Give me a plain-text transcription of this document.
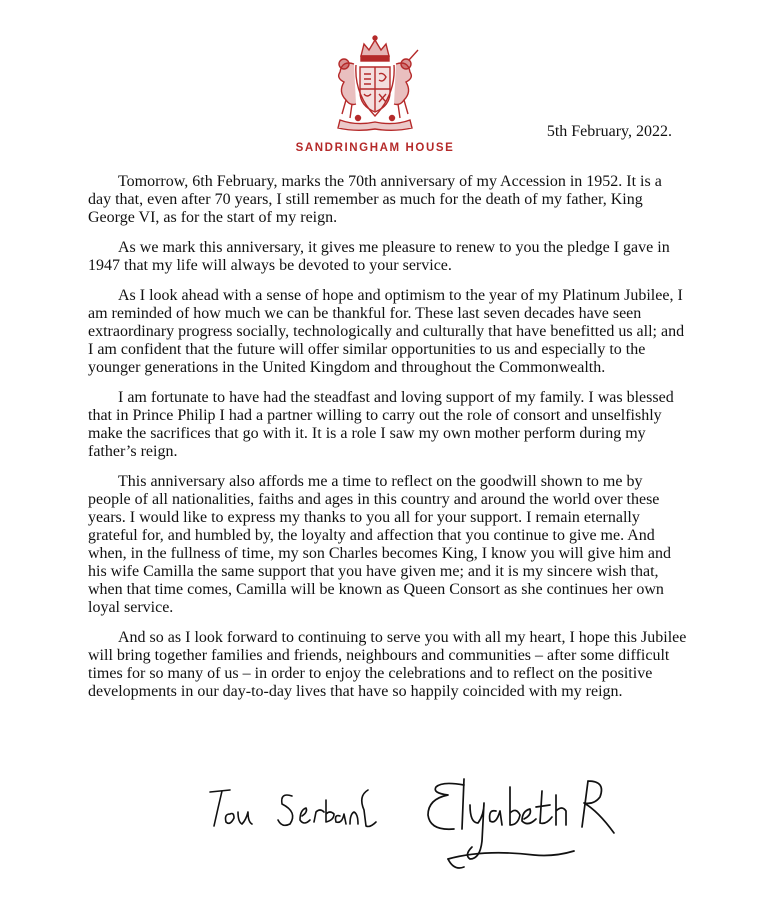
SANDRINGHAM HOUSE
5th February, 2022.

Tomorrow, 6th February, marks the 70th anniversary of my Accession in 1952. It is a day that, even after 70 years, I still remember as much for the death of my father, King George VI, as for the start of my reign.

As we mark this anniversary, it gives me pleasure to renew to you the pledge I gave in 1947 that my life will always be devoted to your service.

As I look ahead with a sense of hope and optimism to the year of my Platinum Jubilee, I am reminded of how much we can be thankful for. These last seven decades have seen extraordinary progress socially, technologically and culturally that have benefitted us all; and I am confident that the future will offer similar opportunities to us and especially to the younger generations in the United Kingdom and throughout the Commonwealth.

I am fortunate to have had the steadfast and loving support of my family. I was blessed that in Prince Philip I had a partner willing to carry out the role of consort and unselfishly make the sacrifices that go with it. It is a role I saw my own mother perform during my father’s reign.

This anniversary also affords me a time to reflect on the goodwill shown to me by people of all nationalities, faiths and ages in this country and around the world over these years. I would like to express my thanks to you all for your support. I remain eternally grateful for, and humbled by, the loyalty and affection that you continue to give me. And when, in the fullness of time, my son Charles becomes King, I know you will give him and his wife Camilla the same support that you have given me; and it is my sincere wish that, when that time comes, Camilla will be known as Queen Consort as she continues her own loyal service.

And so as I look forward to continuing to serve you with all my heart, I hope this Jubilee will bring together families and friends, neighbours and communities – after some difficult times for so many of us – in order to enjoy the celebrations and to reflect on the positive developments in our day-to-day lives that have so happily coincided with my reign.
